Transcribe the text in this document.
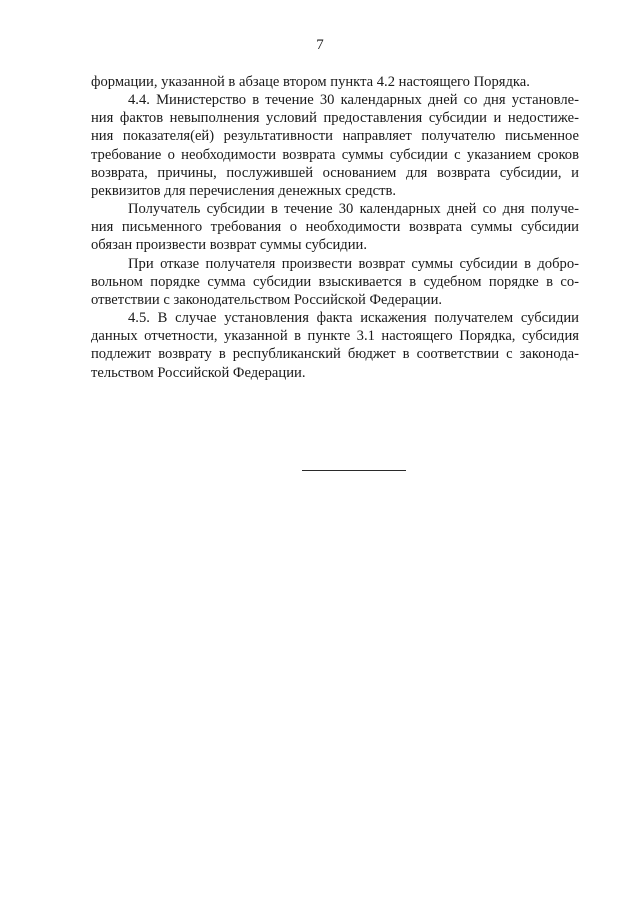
7
формации, указанной в абзаце втором пункта 4.2 настоящего Порядка.
4.4. Министерство в течение 30 календарных дней со дня установле-
ния фактов невыполнения условий предоставления субсидии и недостиже-
ния показателя(ей) результативности направляет получателю письменное
требование о необходимости возврата суммы субсидии с указанием сроков
возврата, причины, послужившей основанием для возврата субсидии, и
реквизитов для перечисления денежных средств.
Получатель субсидии в течение 30 календарных дней со дня получе-
ния письменного требования о необходимости возврата суммы субсидии
обязан произвести возврат суммы субсидии.
При отказе получателя произвести возврат суммы субсидии в добро-
вольном порядке сумма субсидии взыскивается в судебном порядке в со-
ответствии с законодательством Российской Федерации.
4.5. В случае установления факта искажения получателем субсидии
данных отчетности, указанной в пункте 3.1 настоящего Порядка, субсидия
подлежит возврату в республиканский бюджет в соответствии с законода-
тельством Российской Федерации.
